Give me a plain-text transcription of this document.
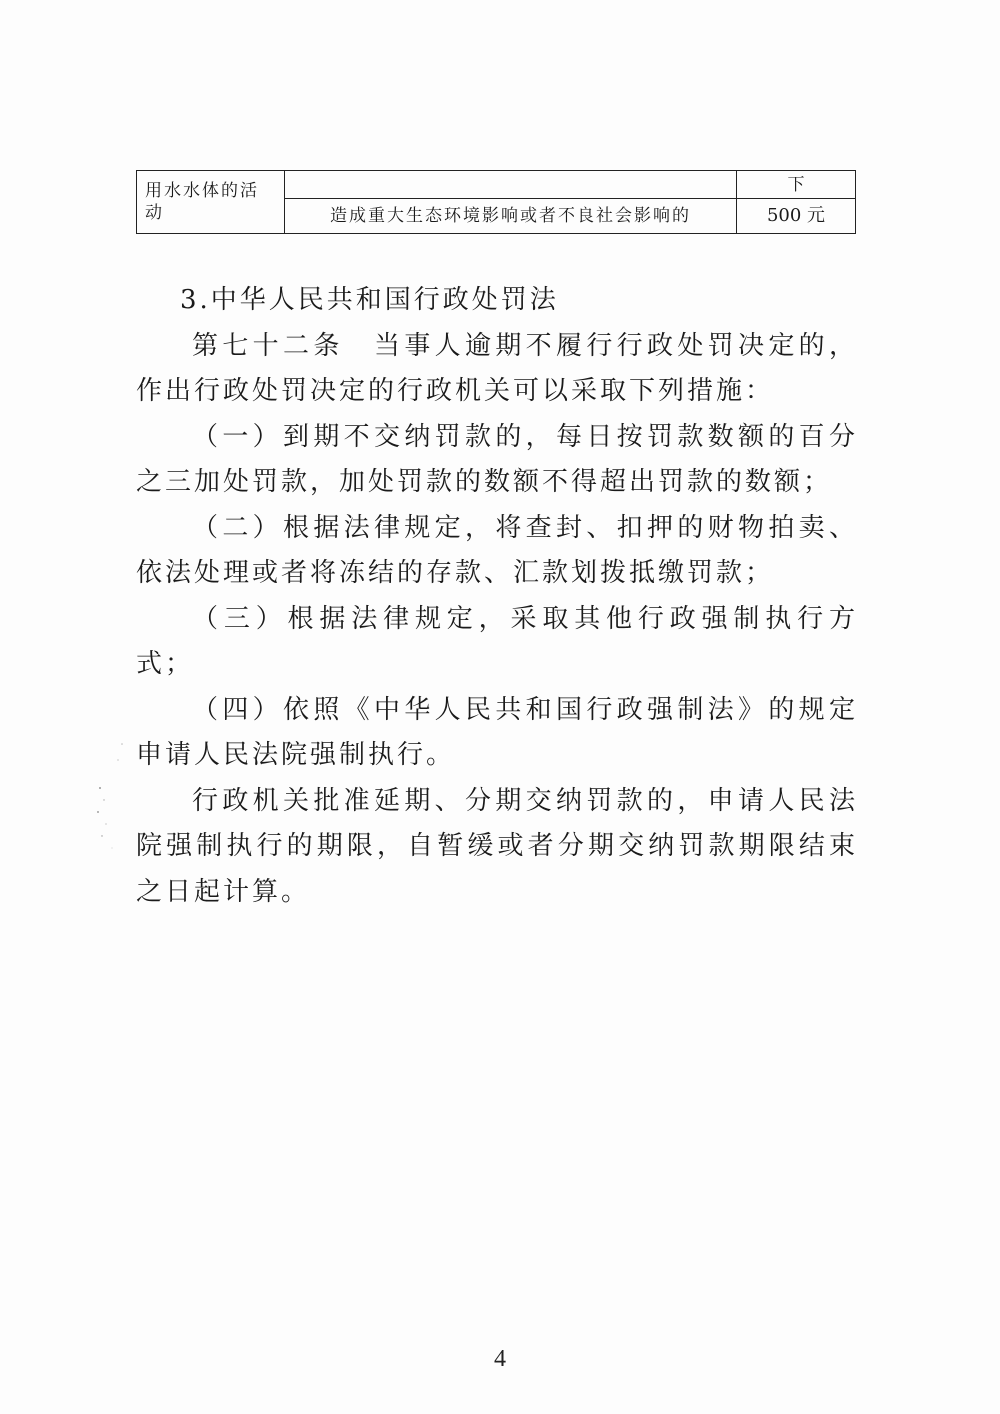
用水水体的活
动
下
造成重大生态环境影响或者不良社会影响的	500 元

3.中华人民共和国行政处罚法

第七十二条　当事人逾期不履行行政处罚决定的，作出行政处罚决定的行政机关可以采取下列措施：

（一）到期不交纳罚款的，每日按罚款数额的百分之三加处罚款，加处罚款的数额不得超出罚款的数额；

（二）根据法律规定，将查封、扣押的财物拍卖、依法处理或者将冻结的存款、汇款划拨抵缴罚款；

（三）根据法律规定，采取其他行政强制执行方式；

（四）依照《中华人民共和国行政强制法》的规定申请人民法院强制执行。

行政机关批准延期、分期交纳罚款的，申请人民法院强制执行的期限，自暂缓或者分期交纳罚款期限结束之日起计算。

4
